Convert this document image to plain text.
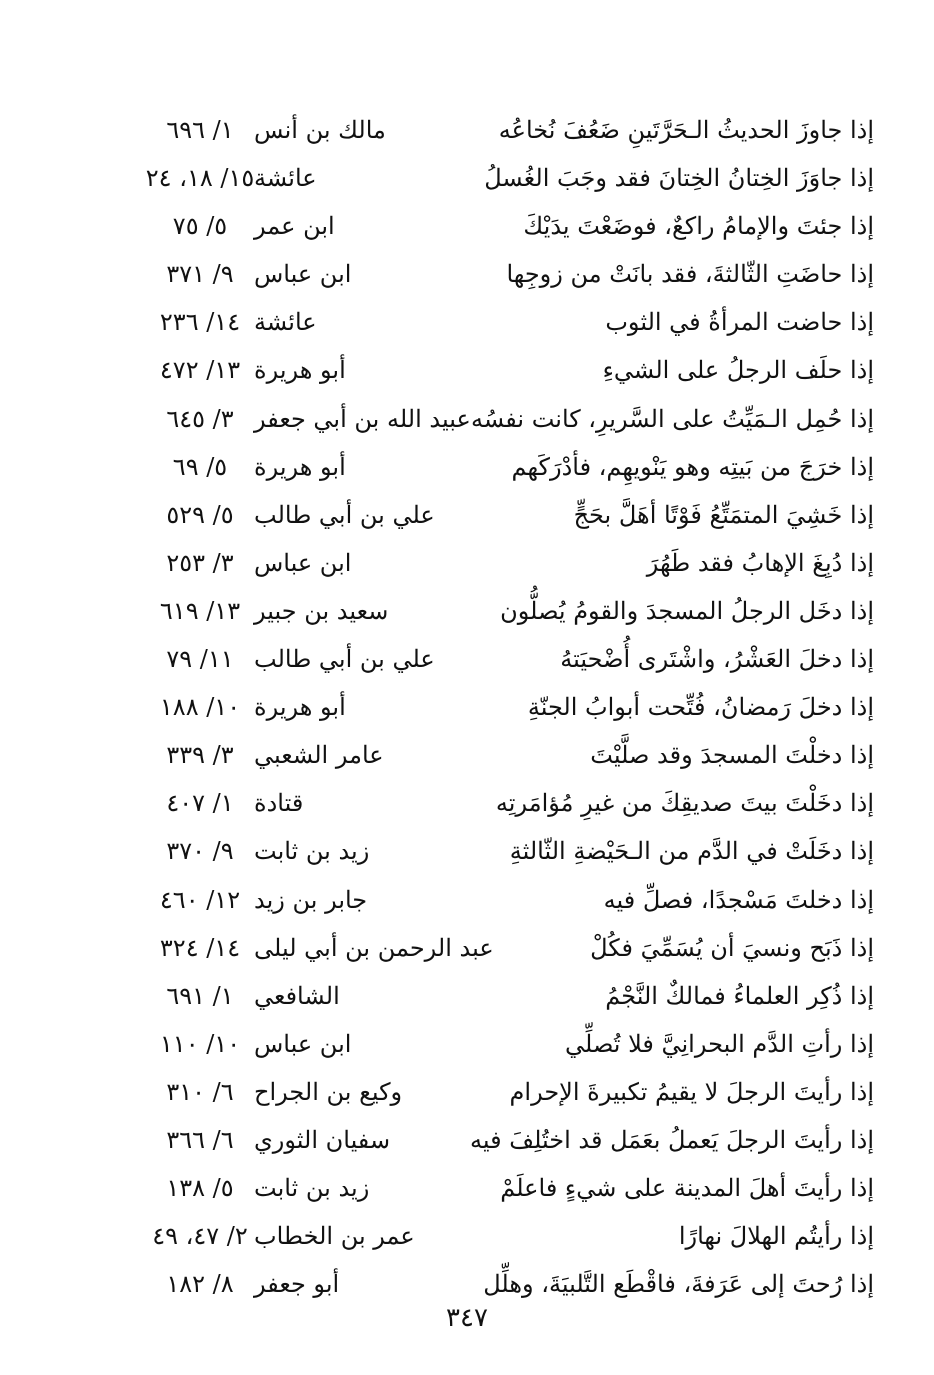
إذا جاوزَ الحديثُ الـحَرَّتَينِ ضَعُفَ نُخاعُه
مالك بن أنس
١/ ٦٩٦
إذا جاوَزَ الخِتانُ الخِتانَ فقد وجَبَ الغُسلُ
عائشة
١٥/ ١٨، ٢٤
إذا جئتَ والإمامُ راكعٌ، فوضَعْتَ يدَيْكَ
ابن عمر
٥/ ٧٥
إذا حاضَتِ الثّالثةَ، فقد بانَتْ من زوجِها
ابن عباس
٩/ ٣٧١
إذا حاضت المرأةُ في الثوب
عائشة
١٤/ ٢٣٦
إذا حلَف الرجلُ على الشيءِ
أبو هريرة
١٣/ ٤٧٢
إذا حُمِل الـمَيِّتُ على السَّريرِ، كانت نفسُه
عبيد الله بن أبي جعفر
٣/ ٦٤٥
إذا خرَجَ من بَيتِه وهو يَنْويهِم، فأدْرَكَهم
أبو هريرة
٥/ ٦٩
إذا خَشِيَ المتمَتِّعُ فَوْتًا أهَلَّ بحَجٍّ
علي بن أبي طالب
٥/ ٥٢٩
إذا دُبِغَ الإهابُ فقد طَهُرَ
ابن عباس
٣/ ٢٥٣
إذا دخَل الرجلُ المسجدَ والقومُ يُصلُّون
سعيد بن جبير
١٣/ ٦١٩
إذا دخلَ العَشْرُ، واشْتَرى أُضْحيَتهُ
علي بن أبي طالب
١١/ ٧٩
إذا دخلَ رَمضانُ، فُتِّحت أبوابُ الجنّةِ
أبو هريرة
١٠/ ١٨٨
إذا دخلْتَ المسجدَ وقد صلَّيْتَ
عامر الشعبي
٣/ ٣٣٩
إذا دخَلْتَ بيتَ صديقِكَ من غيرِ مُؤامَرتِه
قتادة
١/ ٤٠٧
إذا دخَلَتْ في الدَّم من الـحَيْضةِ الثّالثةِ
زيد بن ثابت
٩/ ٣٧٠
إذا دخلتَ مَسْجدًا، فصلِّ فيه
جابر بن زيد
١٢/ ٤٦٠
إذا ذَبَح ونسيَ أن يُسَمِّيَ فكُلْ
عبد الرحمن بن أبي ليلى
١٤/ ٣٢٤
إذا ذُكِر العلماءُ فمالكٌ النَّجْمُ
الشافعي
١/ ٦٩١
إذا رأتِ الدَّم البحرانِيَّ فلا تُصلِّي
ابن عباس
١٠/ ١١٠
إذا رأيتَ الرجلَ لا يقيمُ تكبيرةَ الإحرام
وكيع بن الجراح
٦/ ٣١٠
إذا رأيتَ الرجلَ يَعملُ بعَمَل قد اختُلِفَ فيه
سفيان الثوري
٦/ ٣٦٦
إذا رأيتَ أهلَ المدينة على شيءٍ فاعلَمْ
زيد بن ثابت
٥/ ١٣٨
إذا رأيتُم الهلالَ نهارًا
عمر بن الخطاب
٢/ ٤٧، ٤٩
إذا رُحتَ إلى عَرَفةَ، فاقْطَع التَّلبيَةَ، وهلِّل
أبو جعفر
٨/ ١٨٢
٣٤٧
